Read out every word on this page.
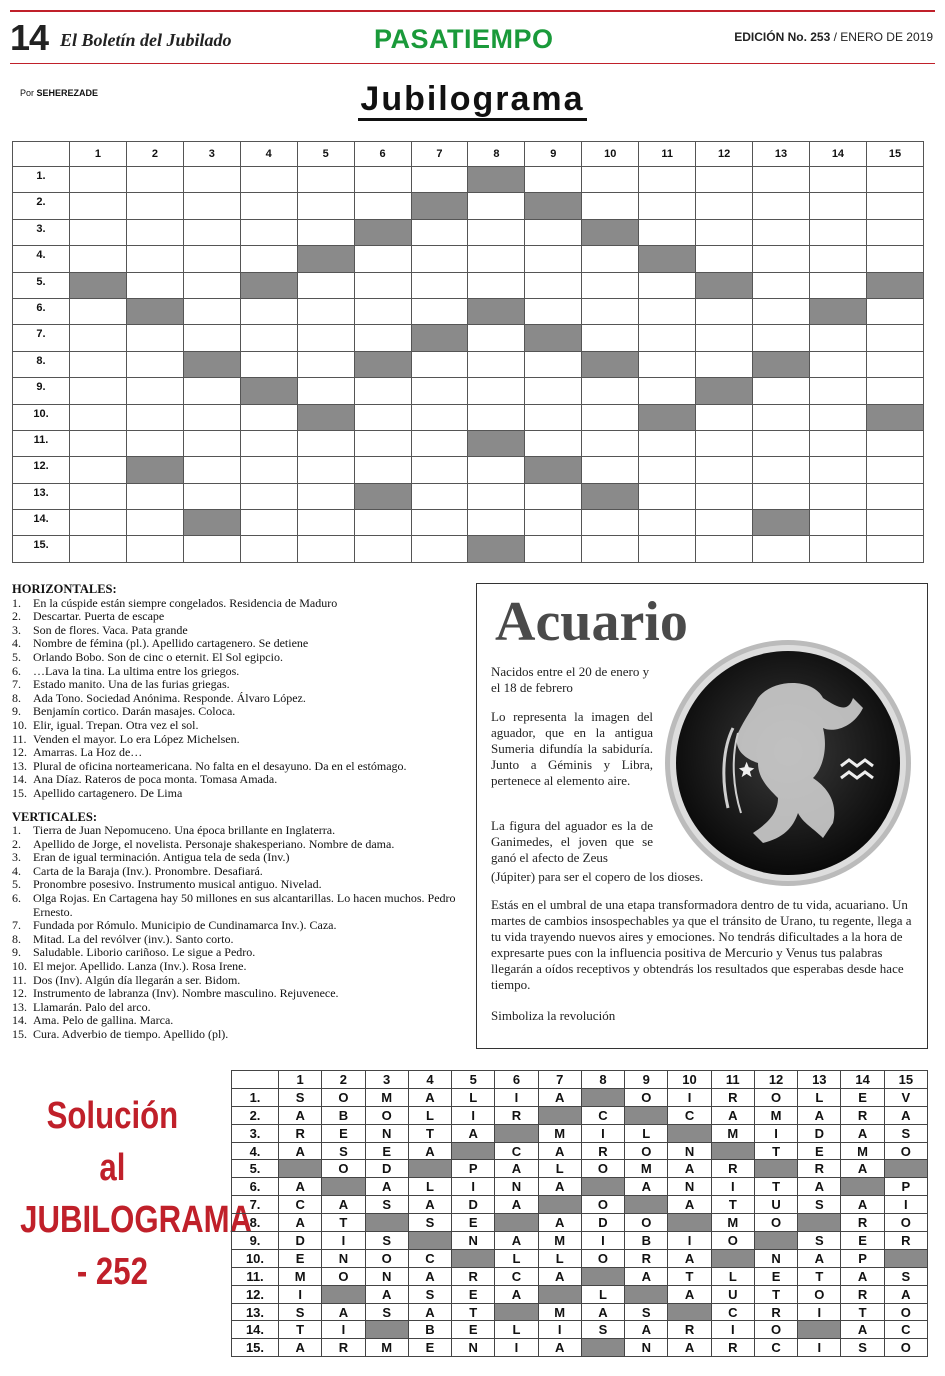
14 El Boletín del Jubilado	PASATIEMPO	EDICIÓN No. 253 / ENERO DE 2019
Por SEHEREZADE	Jubilograma
	1	2	3	4	5	6	7	8	9	10	11	12	13	14	15
1.															
2.															
3.															
4.															
5.															
6.															
7.															
8.															
9.															
10.															
11.															
12.															
13.															
14.															
15.															
HORIZONTALES:
1. En la cúspide están siempre congelados. Residencia de Maduro
2. Descartar. Puerta de escape
3. Son de flores. Vaca. Pata grande
4. Nombre de fémina (pl.). Apellido cartagenero. Se detiene
5. Orlando Bobo. Son de cinc o eternit. El Sol egipcio.
6. …Lava la tina. La ultima entre los griegos.
7. Estado manito. Una de las furias griegas.
8. Ada Tono. Sociedad Anónima. Responde. Álvaro López.
9. Benjamín cortico. Darán masajes. Coloca.
10. Elir, igual. Trepan. Otra vez el sol.
11. Venden el mayor. Lo era López Michelsen.
12. Amarras. La Hoz de…
13. Plural de oficina norteamericana. No falta en el desayuno. Da en el estómago.
14. Ana Díaz. Rateros de poca monta. Tomasa Amada.
15. Apellido cartagenero. De Lima
VERTICALES:
1. Tierra de Juan Nepomuceno. Una época brillante en Inglaterra.
2. Apellido de Jorge, el novelista. Personaje shakesperiano. Nombre de dama.
3. Eran de igual terminación. Antigua tela de seda (Inv.)
4. Carta de la Baraja (Inv.). Pronombre. Desafiará.
5. Pronombre posesivo. Instrumento musical antiguo. Nivelad.
6. Olga Rojas. En Cartagena hay 50 millones en sus alcantarillas. Lo hacen muchos. Pedro Ernesto.
7. Fundada por Rómulo. Municipio de Cundinamarca Inv.). Caza.
8. Mitad. La del revólver (inv.). Santo corto.
9. Saludable. Liborio cariñoso. Le sigue a Pedro.
10. El mejor. Apellido. Lanza (Inv.). Rosa Irene.
11. Dos (Inv). Algún día llegarán a ser. Bidom.
12. Instrumento de labranza (Inv). Nombre masculino. Rejuvenece.
13. Llamarán. Palo del arco.
14. Ama. Pelo de gallina. Marca.
15. Cura. Adverbio de tiempo. Apellido (pl).
Acuario
Nacidos entre el 20 de enero y el 18 de febrero
Lo representa la imagen del aguador, que en la antigua Sumeria difundía la sabiduría. Junto a Géminis y Libra, pertenece al elemento aire.
La figura del aguador es la de Ganimedes, el joven que se ganó el afecto de Zeus
(Júpiter) para ser el copero de los dioses.
Estás en el umbral de una etapa transformadora dentro de tu vida, acuariano. Un martes de cambios insospechables ya que el tránsito de Urano, tu regente, llega a tu vida trayendo nuevos aires y emociones. No tendrás dificultades a la hora de expresarte pues con la influencia positiva de Mercurio y Venus tus palabras llegarán a oídos receptivos y obtendrás los resultados que esperabas desde hace tiempo.
Simboliza la revolución
Solución
al
JUBILOGRAMA
- 252
	1	2	3	4	5	6	7	8	9	10	11	12	13	14	15
1.	S	O	M	A	L	I	A		O	I	R	O	L	E	V
2.	A	B	O	L	I	R		C		C	A	M	A	R	A
3.	R	E	N	T	A		M	I	L		M	I	D	A	S
4.	A	S	E	A		C	A	R	O	N		T	E	M	O
5.		O	D		P	A	L	O	M	A	R		R	A	
6.	A		A	L	I	N	A		A	N	I	T	A		P
7.	C	A	S	A	D	A		O		A	T	U	S	A	I
8.	A	T		S	E		A	D	O		M	O		R	O
9.	D	I	S		N	A	M	I	B	I	O		S	E	R
10.	E	N	O	C		L	L	O	R	A		N	A	P	
11.	M	O	N	A	R	C	A		A	T	L	E	T	A	S
12.	I		A	S	E	A		L		A	U	T	O	R	A
13.	S	A	S	A	T		M	A	S		C	R	I	T	O
14.	T	I		B	E	L	I	S	A	R	I	O		A	C
15.	A	R	M	E	N	I	A		N	A	R	C	I	S	O
